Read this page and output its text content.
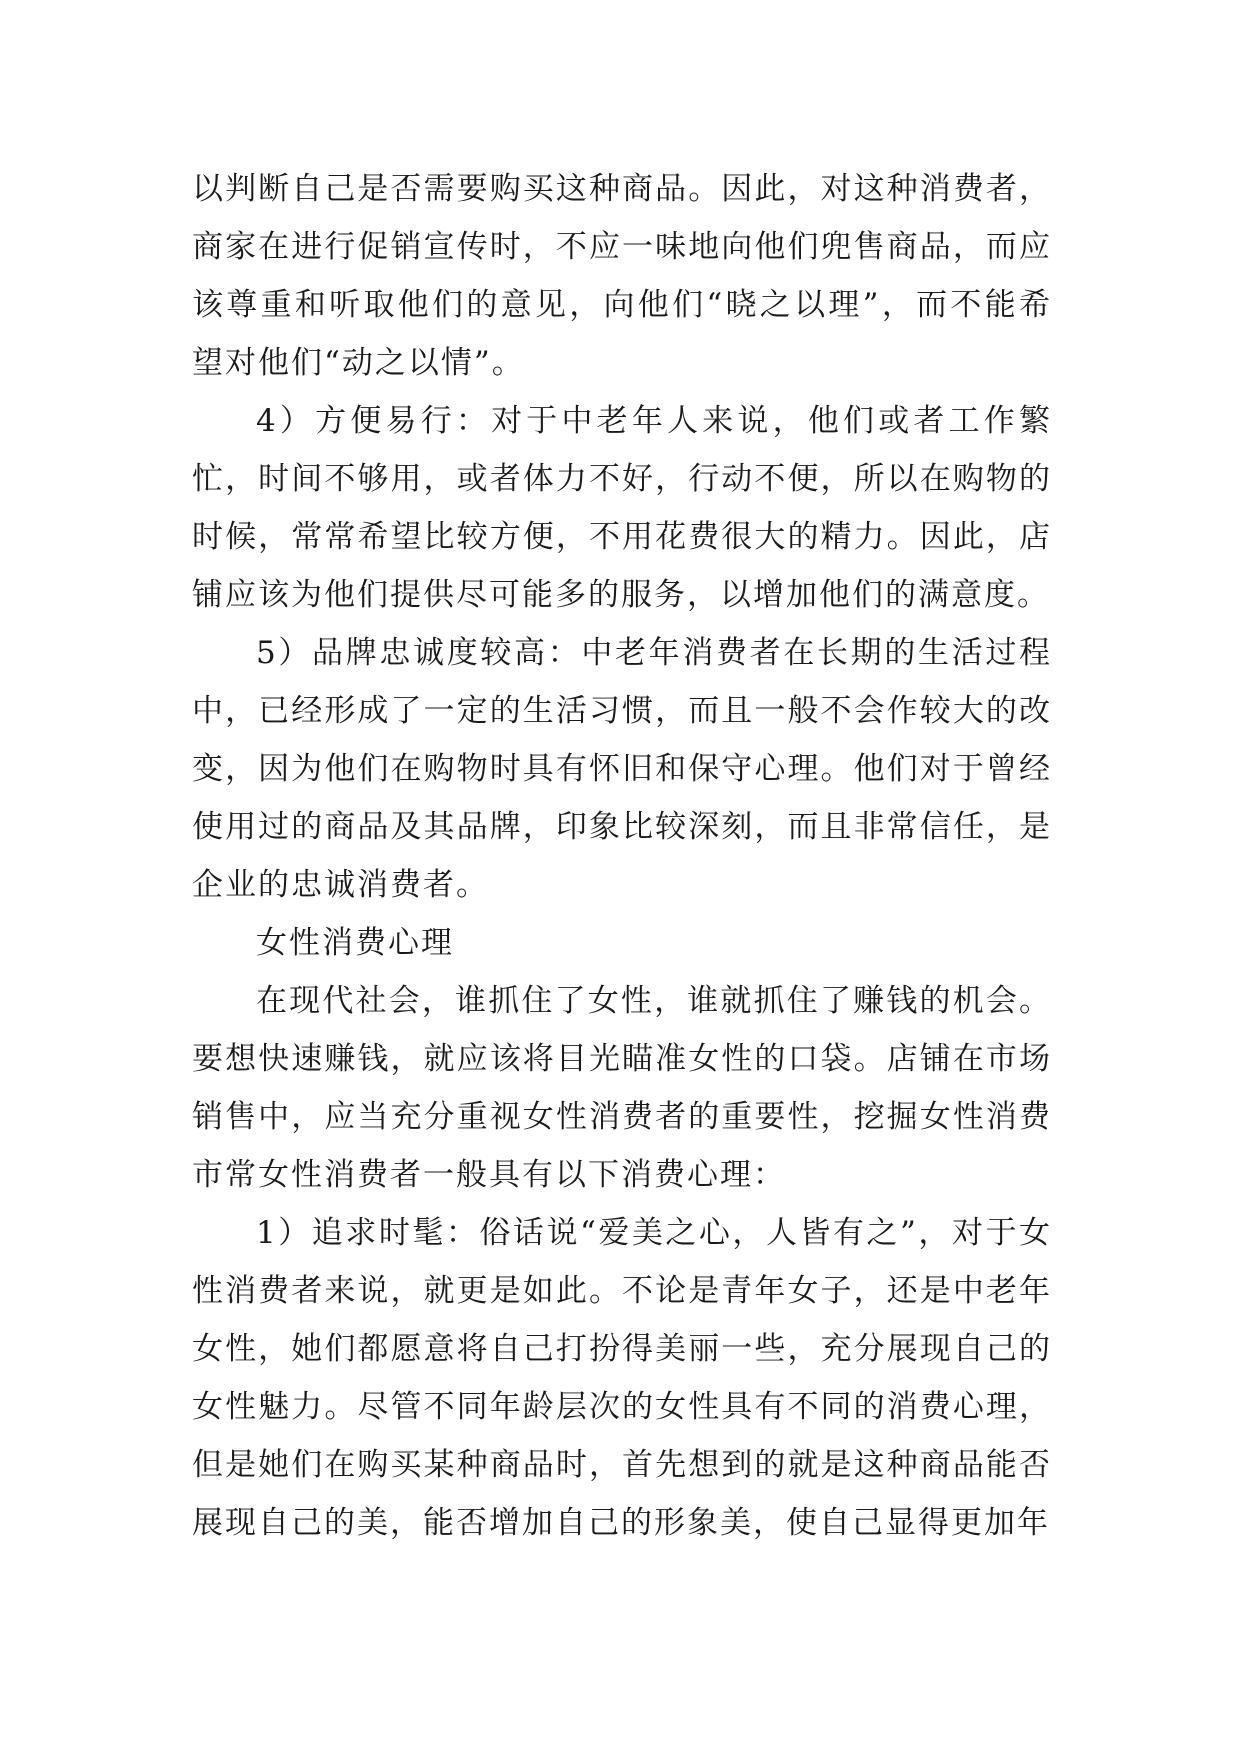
以判断自己是否需要购买这种商品。因此，对这种消费者，商家在进行促销宣传时，不应一味地向他们兜售商品，而应该尊重和听取他们的意见，向他们“晓之以理”，而不能希望对他们“动之以情”。

4）方便易行：对于中老年人来说，他们或者工作繁忙，时间不够用，或者体力不好，行动不便，所以在购物的时候，常常希望比较方便，不用花费很大的精力。因此，店铺应该为他们提供尽可能多的服务，以增加他们的满意度。

5）品牌忠诚度较高：中老年消费者在长期的生活过程中，已经形成了一定的生活习惯，而且一般不会作较大的改变，因为他们在购物时具有怀旧和保守心理。他们对于曾经使用过的商品及其品牌，印象比较深刻，而且非常信任，是企业的忠诚消费者。

女性消费心理

在现代社会，谁抓住了女性，谁就抓住了赚钱的机会。要想快速赚钱，就应该将目光瞄准女性的口袋。店铺在市场销售中，应当充分重视女性消费者的重要性，挖掘女性消费市常女性消费者一般具有以下消费心理：

1）追求时髦：俗话说“爱美之心，人皆有之”，对于女性消费者来说，就更是如此。不论是青年女子，还是中老年女性，她们都愿意将自己打扮得美丽一些，充分展现自己的女性魅力。尽管不同年龄层次的女性具有不同的消费心理，但是她们在购买某种商品时，首先想到的就是这种商品能否展现自己的美，能否增加自己的形象美，使自己显得更加年
